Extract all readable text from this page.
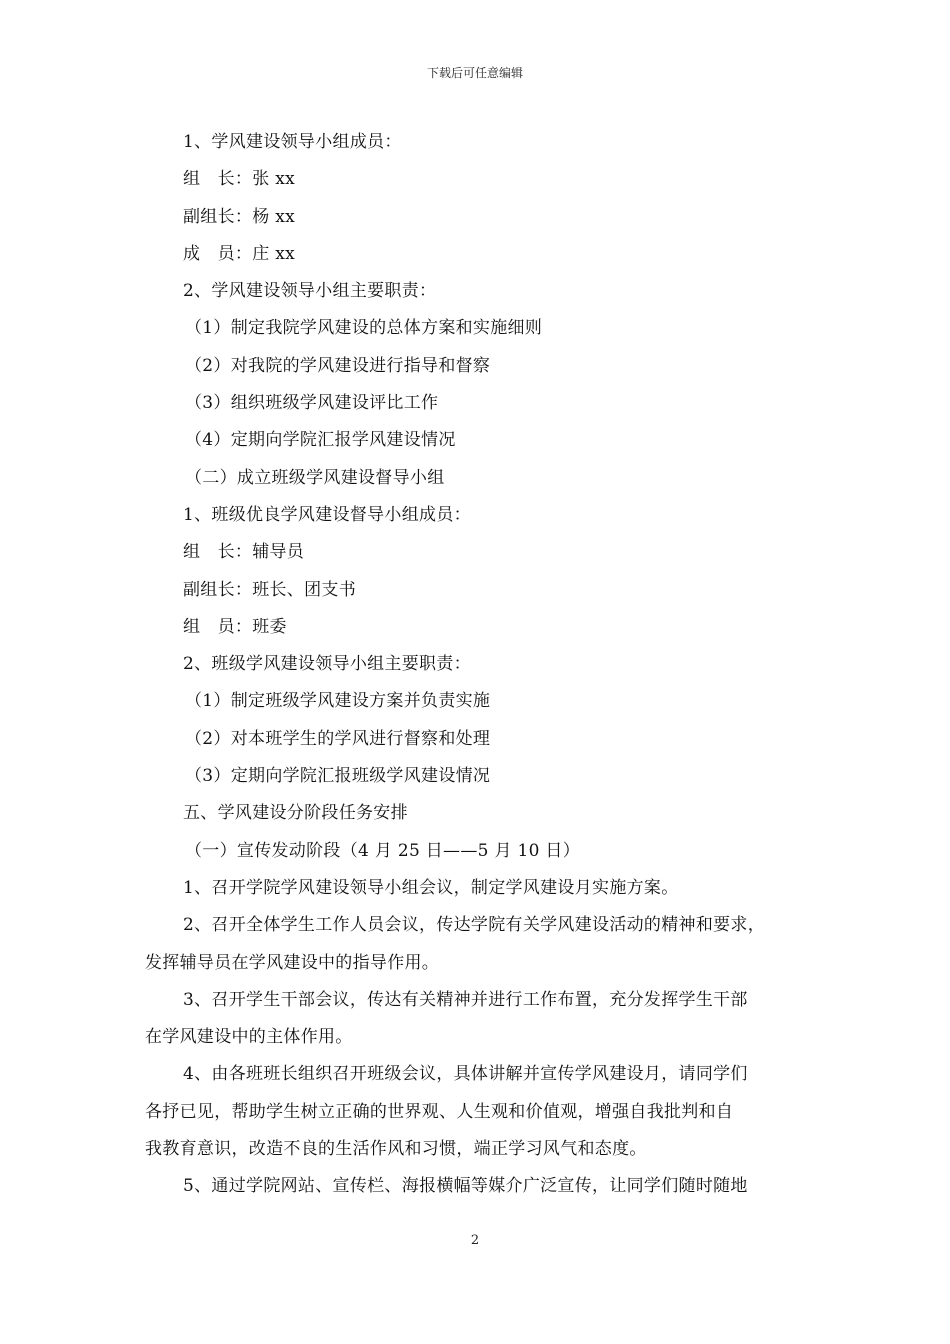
下载后可任意编辑
1、学风建设领导小组成员：
组　长：张 xx
副组长：杨 xx
成　员：庄 xx
2、学风建设领导小组主要职责：
（1）制定我院学风建设的总体方案和实施细则
（2）对我院的学风建设进行指导和督察
（3）组织班级学风建设评比工作
（4）定期向学院汇报学风建设情况
（二）成立班级学风建设督导小组
1、班级优良学风建设督导小组成员：
组　长：辅导员
副组长：班长、团支书
组　员：班委
2、班级学风建设领导小组主要职责：
（1）制定班级学风建设方案并负责实施
（2）对本班学生的学风进行督察和处理
（3）定期向学院汇报班级学风建设情况
五、学风建设分阶段任务安排
（一）宣传发动阶段（4 月 25 日——5 月 10 日）
1、召开学院学风建设领导小组会议，制定学风建设月实施方案。
2、召开全体学生工作人员会议，传达学院有关学风建设活动的精神和要求，
发挥辅导员在学风建设中的指导作用。
3、召开学生干部会议，传达有关精神并进行工作布置，充分发挥学生干部
在学风建设中的主体作用。
4、由各班班长组织召开班级会议，具体讲解并宣传学风建设月，请同学们
各抒已见，帮助学生树立正确的世界观、人生观和价值观，增强自我批判和自
我教育意识，改造不良的生活作风和习惯，端正学习风气和态度。
5、通过学院网站、宣传栏、海报横幅等媒介广泛宣传，让同学们随时随地
2
